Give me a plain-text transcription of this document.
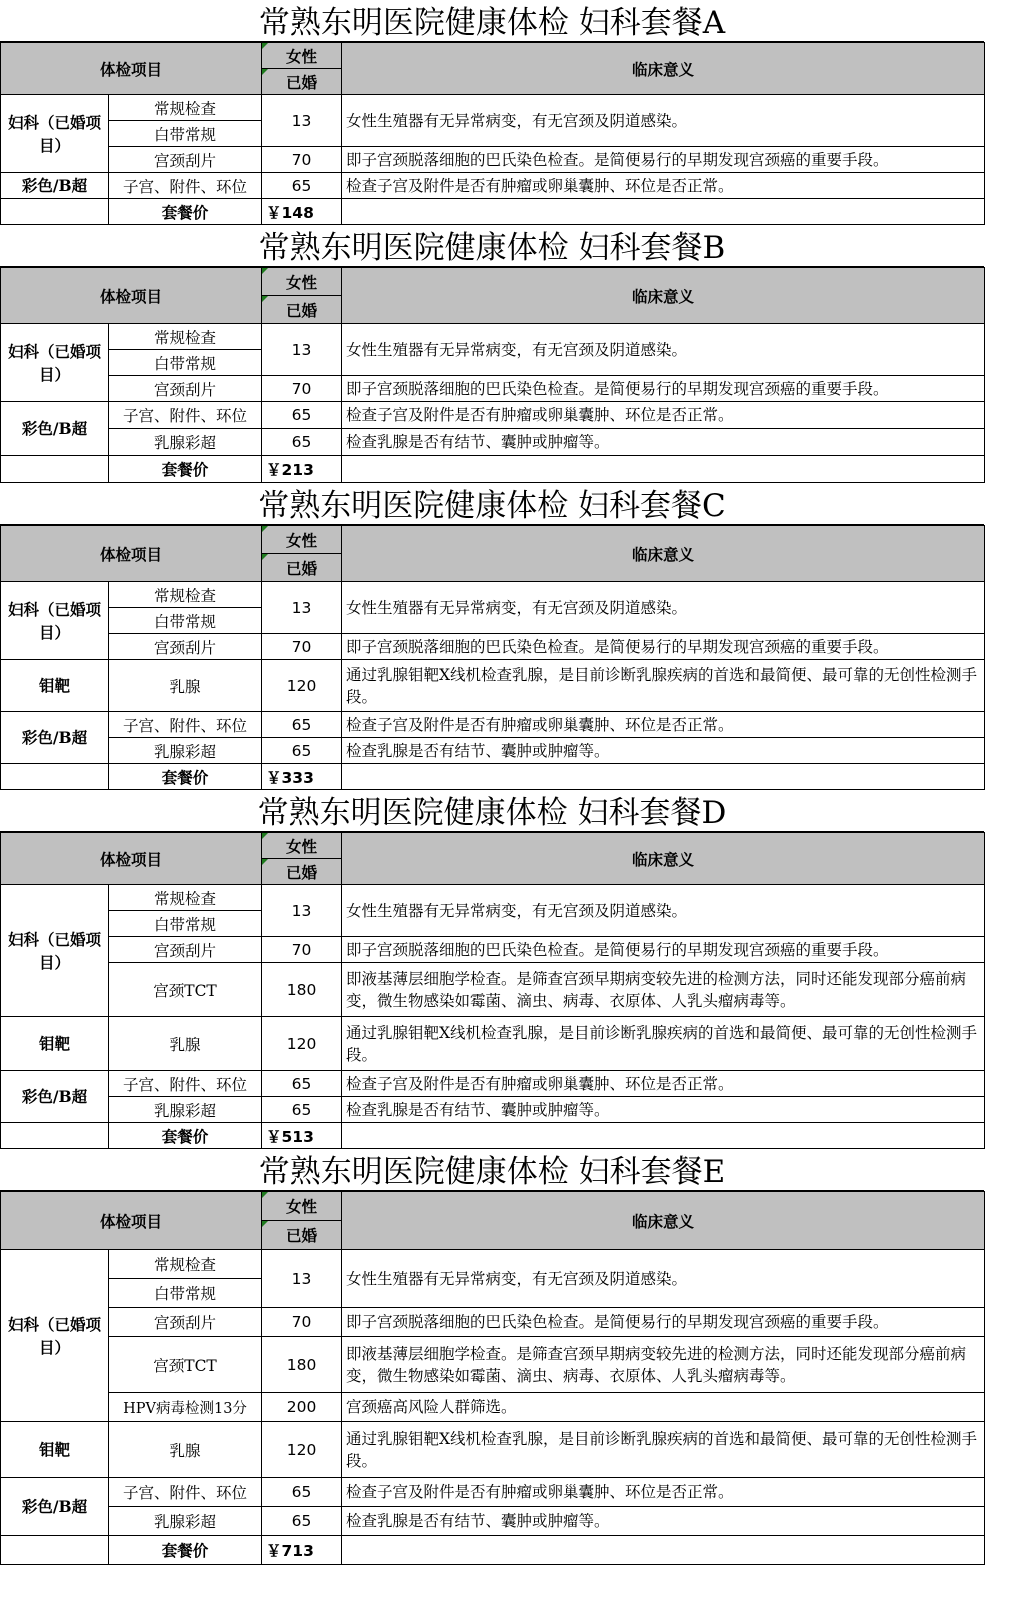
常熟东明医院健康体检 妇科套餐A
体检项目		女性	临床意义
		已婚	
妇科（已婚项目）	常规检查	13	女性生殖器有无异常病变，有无宫颈及阴道感染。
	白带常规		
	宫颈刮片	70	即子宫颈脱落细胞的巴氏染色检查。是简便易行的早期发现宫颈癌的重要手段。
彩色/B超	子宫、附件、环位	65	检查子宫及附件是否有肿瘤或卵巢囊肿、环位是否正常。
	套餐价	￥148	
常熟东明医院健康体检 妇科套餐B
体检项目		女性	临床意义
		已婚	
妇科（已婚项目）	常规检查	13	女性生殖器有无异常病变，有无宫颈及阴道感染。
	白带常规		
	宫颈刮片	70	即子宫颈脱落细胞的巴氏染色检查。是简便易行的早期发现宫颈癌的重要手段。
彩色/B超	子宫、附件、环位	65	检查子宫及附件是否有肿瘤或卵巢囊肿、环位是否正常。
	乳腺彩超	65	检查乳腺是否有结节、囊肿或肿瘤等。
	套餐价	￥213	
常熟东明医院健康体检 妇科套餐C
体检项目		女性	临床意义
		已婚	
妇科（已婚项目）	常规检查	13	女性生殖器有无异常病变，有无宫颈及阴道感染。
	白带常规		
	宫颈刮片	70	即子宫颈脱落细胞的巴氏染色检查。是简便易行的早期发现宫颈癌的重要手段。
钼靶	乳腺	120	通过乳腺钼靶X线机检查乳腺，是目前诊断乳腺疾病的首选和最简便、最可靠的无创性检测手段。
彩色/B超	子宫、附件、环位	65	检查子宫及附件是否有肿瘤或卵巢囊肿、环位是否正常。
	乳腺彩超	65	检查乳腺是否有结节、囊肿或肿瘤等。
	套餐价	￥333	
常熟东明医院健康体检 妇科套餐D
体检项目		女性	临床意义
		已婚	
妇科（已婚项目）	常规检查	13	女性生殖器有无异常病变，有无宫颈及阴道感染。
	白带常规		
	宫颈刮片	70	即子宫颈脱落细胞的巴氏染色检查。是简便易行的早期发现宫颈癌的重要手段。
	宫颈TCT	180	即液基薄层细胞学检查。是筛查宫颈早期病变较先进的检测方法，同时还能发现部分癌前病变，微生物感染如霉菌、滴虫、病毒、衣原体、人乳头瘤病毒等。
钼靶	乳腺	120	通过乳腺钼靶X线机检查乳腺，是目前诊断乳腺疾病的首选和最简便、最可靠的无创性检测手段。
彩色/B超	子宫、附件、环位	65	检查子宫及附件是否有肿瘤或卵巢囊肿、环位是否正常。
	乳腺彩超	65	检查乳腺是否有结节、囊肿或肿瘤等。
	套餐价	￥513	
常熟东明医院健康体检 妇科套餐E
体检项目		女性	临床意义
		已婚	
妇科（已婚项目）	常规检查	13	女性生殖器有无异常病变，有无宫颈及阴道感染。
	白带常规		
	宫颈刮片	70	即子宫颈脱落细胞的巴氏染色检查。是简便易行的早期发现宫颈癌的重要手段。
	宫颈TCT	180	即液基薄层细胞学检查。是筛查宫颈早期病变较先进的检测方法，同时还能发现部分癌前病变，微生物感染如霉菌、滴虫、病毒、衣原体、人乳头瘤病毒等。
	HPV病毒检测13分	200	宫颈癌高风险人群筛选。
钼靶	乳腺	120	通过乳腺钼靶X线机检查乳腺，是目前诊断乳腺疾病的首选和最简便、最可靠的无创性检测手段。
彩色/B超	子宫、附件、环位	65	检查子宫及附件是否有肿瘤或卵巢囊肿、环位是否正常。
	乳腺彩超	65	检查乳腺是否有结节、囊肿或肿瘤等。
	套餐价	￥713	
